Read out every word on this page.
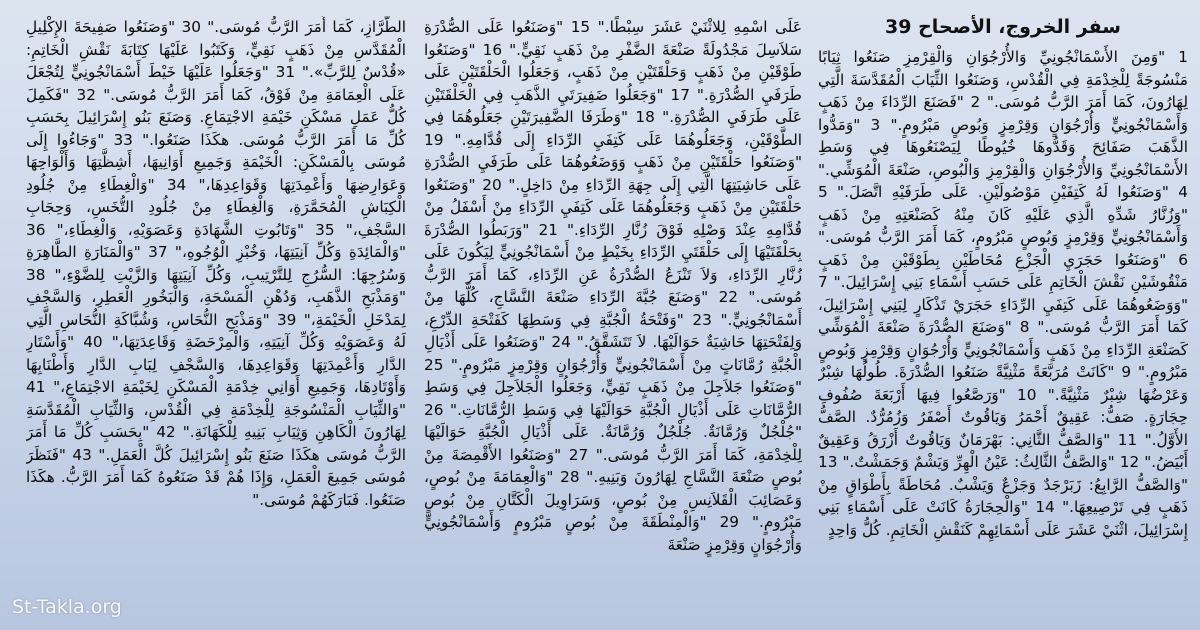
سفر الخروج، الأصحاح 39
1 "وَمِنَ الأَسْمَانْجُونِيِّ وَالأُرْجُوَانِ وَالْقِرْمِزِ صَنَعُوا ثِيَابًا مَنْسُوجَةً لِلْخِدْمَةِ فِي الْقُدْسِ، وَصَنَعُوا الثِّيَابَ الْمُقَدَّسَةَ الَّتِي لِهَارُونَ، كَمَا أَمَرَ الرَّبُّ مُوسَى." 2 "فَصَنَعَ الرِّدَاءَ مِنْ ذَهَبٍ وَأَسْمَانْجُونِيٍّ وَأُرْجُوَانٍ وَقِرْمِزٍ وَبُوصٍ مَبْرُومٍ." 3 "وَمَدُّوا الذَّهَبَ صَفَائِحَ وَقَدُّوهَا خُيُوطًا لِيَصْنَعُوهَا فِي وَسَطِ الأَسْمَانْجُونِيِّ وَالأُرْجُوَانِ وَالْقِرْمِزِ وَالْبُوصِ، صَنْعَةَ الْمُوَشِّي." 4 "وَصَنَعُوا لَهُ كَتِفَيْنِ مَوْصُولَيْنِ. عَلَى طَرَفَيْهِ اتَّصَلَ." 5 "وَزُنَّارُ شَدِّهِ الَّذِي عَلَيْهِ كَانَ مِنْهُ كَصَنْعَتِهِ مِنْ ذَهَبٍ وَأَسْمَانْجُونِيٍّ وَقِرْمِزٍ وَبُوصٍ مَبْرُومٍ، كَمَا أَمَرَ الرَّبُّ مُوسَى." 6 "وَصَنَعُوا حَجَرَيِ الْجَزْعِ مُحَاطَيْنِ بِطَوْقَيْنِ مِنْ ذَهَبٍ مَنْقُوشَيْنِ نَقْشَ الْخَاتِمِ عَلَى حَسَبِ أَسْمَاءِ بَنِي إِسْرَائِيلَ." 7 "وَوَضَعُوهُمَا عَلَى كَتِفَيِ الرِّدَاءِ حَجَرَيْ تَذْكَارٍ لِبَنِي إِسْرَائِيلَ، كَمَا أَمَرَ الرَّبُّ مُوسَى." 8 "وَصَنَعَ الصُّدْرَةَ صَنْعَةَ الْمُوَشِّي كَصَنْعَةِ الرِّدَاءِ مِنْ ذَهَبٍ وَأَسْمَانْجُونِيٍّ وَأُرْجُوَانٍ وَقِرْمِزٍ وَبُوصٍ مَبْرُومٍ." 9 "كَانَتْ مُرَبَّعَةً مَثْنِيَّةً صَنَعُوا الصُّدْرَةَ. طُولُهَا شِبْرٌ وَعَرْضُهَا شِبْرٌ مَثْنِيَّةً." 10 "وَرَصَّعُوا فِيهَا أَرْبَعَةَ صُفُوفِ حِجَارَةٍ. صَفُّ: عَقِيقٌ أَحْمَرُ وَيَاقُوتٌ أَصْفَرُ وَزُمُرُّدٌ. الصَّفُّ الأَوَّلُ." 11 "وَالصَّفُّ الثَّانِي: بَهْرَمَانٌ وَيَاقُوتٌ أَزْرَقُ وَعَقِيقٌ أَبْيَضُ." 12 "وَالصَّفُّ الثَّالِثُ: عَيْنُ الْهِرِّ وَيَشْمٌ وَجَمَشْتٌ." 13 "وَالصَّفُّ الرَّابِعُ: زَبَرْجَدٌ وَجَزْعٌ وَيَشْبٌ. مُحَاطَةً بِأَطْوَاقٍ مِنْ ذَهَبٍ فِي تَرْصِيعِهَا." 14 "وَالْحِجَارَةُ كَانَتْ عَلَى أَسْمَاءِ بَنِي إِسْرَائِيلَ، اثْنَيْ عَشَرَ عَلَى أَسْمَائِهِمْ كَنَقْشِ الْخَاتِمِ. كُلُّ وَاحِدٍ
عَلَى اسْمِهِ لِلاثْنَيْ عَشَرَ سِبْطًا." 15 "وَصَنَعُوا عَلَى الصُّدْرَةِ سَلاَسِلَ مَجْدُولَةً صَنْعَةَ الضَّفْرِ مِنْ ذَهَبٍ نَقِيٍّ." 16 "وَصَنَعُوا طَوْقَيْنِ مِنْ ذَهَبٍ وَحَلْقَتَيْنِ مِنْ ذَهَبٍ، وَجَعَلُوا الْحَلْقَتَيْنِ عَلَى طَرَفَيِ الصُّدْرَةِ." 17 "وَجَعَلُوا ضَفِيرَتَيِ الذَّهَبِ فِي الْحَلْقَتَيْنِ عَلَى طَرَفَيِ الصُّدْرَةِ." 18 "وَطَرَفَا الضَّفِيرَتَيْنِ جَعَلُوهُمَا فِي الطَّوْقَيْنِ، وَجَعَلُوهُمَا عَلَى كَتِفَيِ الرِّدَاءِ إِلَى قُدَّامِهِ." 19 "وَصَنَعُوا حَلْقَتَيْنِ مِنْ ذَهَبٍ وَوَضَعُوهُمَا عَلَى طَرَفَيِ الصُّدْرَةِ عَلَى حَاشِيَتِهَا الَّتِي إِلَى جِهَةِ الرِّدَاءِ مِنْ دَاخِلٍ." 20 "وَصَنَعُوا حَلْقَتَيْنِ مِنْ ذَهَبٍ وَجَعَلُوهُمَا عَلَى كَتِفَيِ الرِّدَاءِ مِنْ أَسْفَلُ مِنْ قُدَّامِهِ عِنْدَ وَصْلِهِ فَوْقَ زُنَّارِ الرِّدَاءِ." 21 "وَرَبَطُوا الصُّدْرَةَ بِحَلْقَتَيْهَا إِلَى حَلْقَتَيِ الرِّدَاءِ بِخَيْطٍ مِنْ أَسْمَانْجُونِيٍّ لِيَكُونَ عَلَى زُنَّارِ الرِّدَاءِ، وَلاَ تَنْزَعُ الصُّدْرَةُ عَنِ الرِّدَاءِ، كَمَا أَمَرَ الرَّبُّ مُوسَى." 22 "وَصَنَعَ جُبَّةَ الرِّدَاءِ صَنْعَةَ النَّسَّاجِ، كُلَّهَا مِنْ أَسْمَانْجُونِيٍّ." 23 "وَفَتْحَةُ الْجُبَّةِ فِي وَسَطِهَا كَفَتْحَةِ الدِّرْعِ، وَلِفَتْحَتِهَا حَاشِيَةٌ حَوَالَيْهَا. لاَ تَتَشَقَّقُ." 24 "وَصَنَعُوا عَلَى أَذْيَالِ الْجُبَّةِ رُمَّانَاتٍ مِنْ أَسْمَانْجُونِيٍّ وَأُرْجُوَانٍ وَقِرْمِزٍ مَبْرُومٍ." 25 "وَصَنَعُوا جَلاَجِلَ مِنْ ذَهَبٍ نَقِيٍّ، وَجَعَلُوا الْجَلاَجِلَ فِي وَسَطِ الرُّمَّانَاتِ عَلَى أَذْيَالِ الْجُبَّةِ حَوَالَيْهَا فِي وَسَطِ الرُّمَّانَاتِ." 26 "جُلْجُلٌ وَرُمَّانَةٌ. جُلْجُلٌ وَرُمَّانَةٌ. عَلَى أَذْيَالِ الْجُبَّةِ حَوَالَيْهَا لِلْخِدْمَةِ، كَمَا أَمَرَ الرَّبُّ مُوسَى." 27 "وَصَنَعُوا الأَقْمِصَةَ مِنْ بُوصٍ صَنْعَةَ النَّسَّاجِ لِهَارُونَ وَبَنِيهِ." 28 "وَالْعِمَامَةَ مِنْ بُوصٍ، وَعَصَائِبَ الْقَلاَنِسِ مِنْ بُوصٍ، وَسَرَاوِيلَ الْكَتَّانِ مِنْ بُوصٍ مَبْرُومٍ." 29 "وَالْمِنْطَقَةَ مِنْ بُوصٍ مَبْرُومٍ وَأَسْمَانْجُونِيٍّ وَأُرْجُوَانٍ وَقِرْمِزٍ صَنْعَةَ
الطَّرَّازِ، كَمَا أَمَرَ الرَّبُّ مُوسَى." 30 "وَصَنَعُوا صَفِيحَةَ الإِكْلِيلِ الْمُقَدَّسِ مِنْ ذَهَبٍ نَقِيٍّ، وَكَتَبُوا عَلَيْهَا كِتَابَةَ نَقْشِ الْخَاتِمِ: «قُدْسٌ لِلرَّبِّ»." 31 "وَجَعَلُوا عَلَيْهَا خَيْطَ أَسْمَانْجُونِيٍّ لِتُجْعَلَ عَلَى الْعِمَامَةِ مِنْ فَوْقُ، كَمَا أَمَرَ الرَّبُّ مُوسَى." 32 "فَكَمِلَ كُلُّ عَمَلِ مَسْكَنِ خَيْمَةِ الاجْتِمَاعِ. وَصَنَعَ بَنُو إِسْرَائِيلَ بِحَسَبِ كُلِّ مَا أَمَرَ الرَّبُّ مُوسَى. هكَذَا صَنَعُوا." 33 "وَجَاءُوا إِلَى مُوسَى بِالْمَسْكَنِ: الْخَيْمَةِ وَجَمِيعِ أَوَانِيهَا، أَشِظَّتِهَا وَأَلْوَاحِهَا وَعَوَارِضِهَا وَأَعْمِدَتِهَا وَقَوَاعِدِهَا،" 34 "وَالْغِطَاءِ مِنْ جُلُودِ الْكِبَاشِ الْمُحَمَّرَةِ، وَالْغِطَاءِ مِنْ جُلُودِ التُّخَسِ، وَحِجَابِ السَّجْفِ،" 35 "وَتَابُوتِ الشَّهَادَةِ وَعَصَوَيْهِ، وَالْغِطَاءِ،" 36 "وَالْمَائِدَةِ وَكُلِّ آنِيَتِهَا، وَخُبْزِ الْوُجُوهِ،" 37 "وَالْمَنَارَةِ الطَّاهِرَةِ وَسُرُجِهَا: السُّرُجِ لِلتَّرْتِيبِ، وَكُلِّ آنِيَتِهَا وَالزَّيْتِ لِلضَّوْءِ،" 38 "وَمَذْبَحِ الذَّهَبِ، وَدُهْنِ الْمَسْحَةِ، وَالْبَخُورِ الْعَطِرِ، وَالسَّجْفِ لِمَدْخَلِ الْخَيْمَةِ،" 39 "وَمَذْبَحِ النُّحَاسِ، وَشُبَّاكَةِ النُّحَاسِ الَّتِي لَهُ وَعَصَوَيْهِ وَكُلِّ آنِيَتِهِ، وَالْمِرْحَضَةِ وَقَاعِدَتِهَا،" 40 "وَأَسْتَارِ الدَّارِ وَأَعْمِدَتِهَا وَقَوَاعِدِهَا، وَالسَّجْفِ لِبَابِ الدَّارِ وَأَطْنَابِهَا وَأَوْتَادِهَا، وَجَمِيعِ أَوَانِي خِدْمَةِ الْمَسْكَنِ لِخَيْمَةِ الاجْتِمَاعِ،" 41 "وَالثِّيَابِ الْمَنْسُوجَةِ لِلْخِدْمَةِ فِي الْقُدْسِ، وَالثِّيَابِ الْمُقَدَّسَةِ لِهَارُونَ الْكَاهِنِ وَثِيَابِ بَنِيهِ لِلْكَهَانَةِ." 42 "بِحَسَبِ كُلِّ مَا أَمَرَ الرَّبُّ مُوسَى هكَذَا صَنَعَ بَنُو إِسْرَائِيلَ كُلَّ الْعَمَلِ." 43 "فَنَظَرَ مُوسَى جَمِيعَ الْعَمَلِ، وَإِذَا هُمْ قَدْ صَنَعُوهُ كَمَا أَمَرَ الرَّبُّ. هكَذَا صَنَعُوا. فَبَارَكَهُمْ مُوسَى."
St-Takla.org
